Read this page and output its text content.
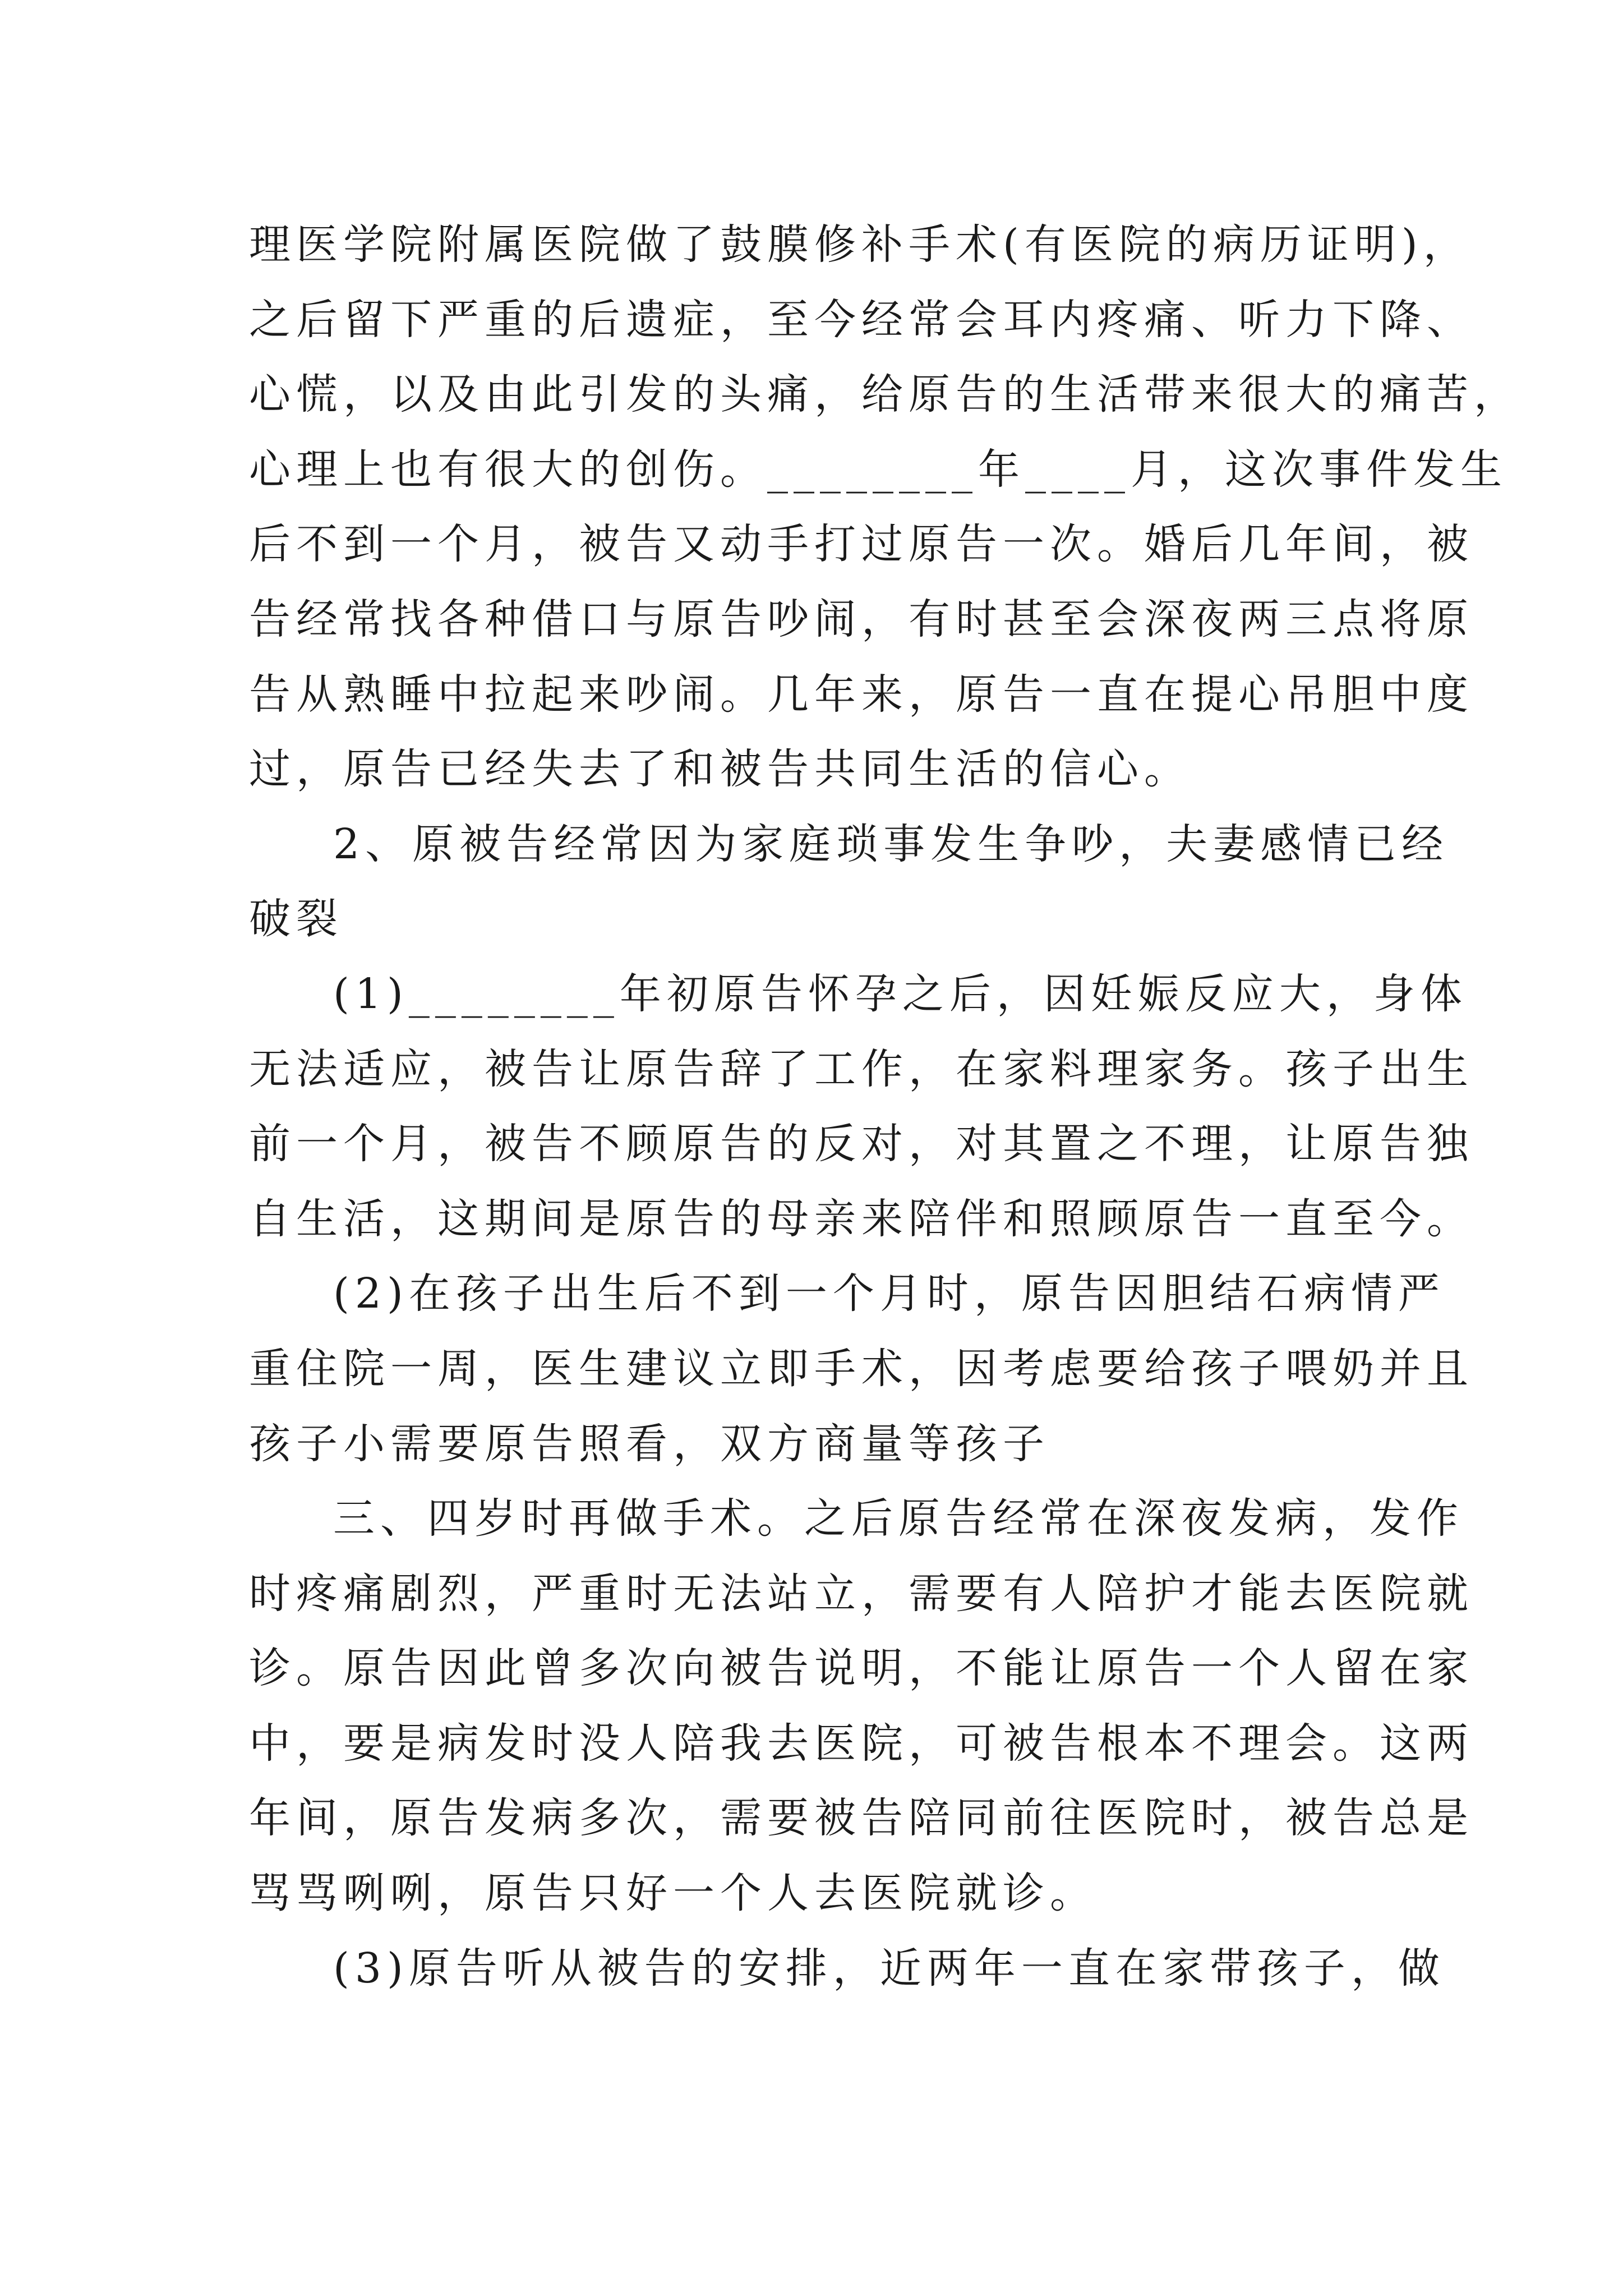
理医学院附属医院做了鼓膜修补手术(有医院的病历证明)，
之后留下严重的后遗症，至今经常会耳内疼痛、听力下降、
心慌，以及由此引发的头痛，给原告的生活带来很大的痛苦，
心理上也有很大的创伤。________年____月，这次事件发生
后不到一个月，被告又动手打过原告一次。婚后几年间，被
告经常找各种借口与原告吵闹，有时甚至会深夜两三点将原
告从熟睡中拉起来吵闹。几年来，原告一直在提心吊胆中度
过，原告已经失去了和被告共同生活的信心。
2、原被告经常因为家庭琐事发生争吵，夫妻感情已经
破裂
(1)________年初原告怀孕之后，因妊娠反应大，身体
无法适应，被告让原告辞了工作，在家料理家务。孩子出生
前一个月，被告不顾原告的反对，对其置之不理，让原告独
自生活，这期间是原告的母亲来陪伴和照顾原告一直至今。
(2)在孩子出生后不到一个月时，原告因胆结石病情严
重住院一周，医生建议立即手术，因考虑要给孩子喂奶并且
孩子小需要原告照看，双方商量等孩子
三、四岁时再做手术。之后原告经常在深夜发病，发作
时疼痛剧烈，严重时无法站立，需要有人陪护才能去医院就
诊。原告因此曾多次向被告说明，不能让原告一个人留在家
中，要是病发时没人陪我去医院，可被告根本不理会。这两
年间，原告发病多次，需要被告陪同前往医院时，被告总是
骂骂咧咧，原告只好一个人去医院就诊。
(3)原告听从被告的安排，近两年一直在家带孩子，做
